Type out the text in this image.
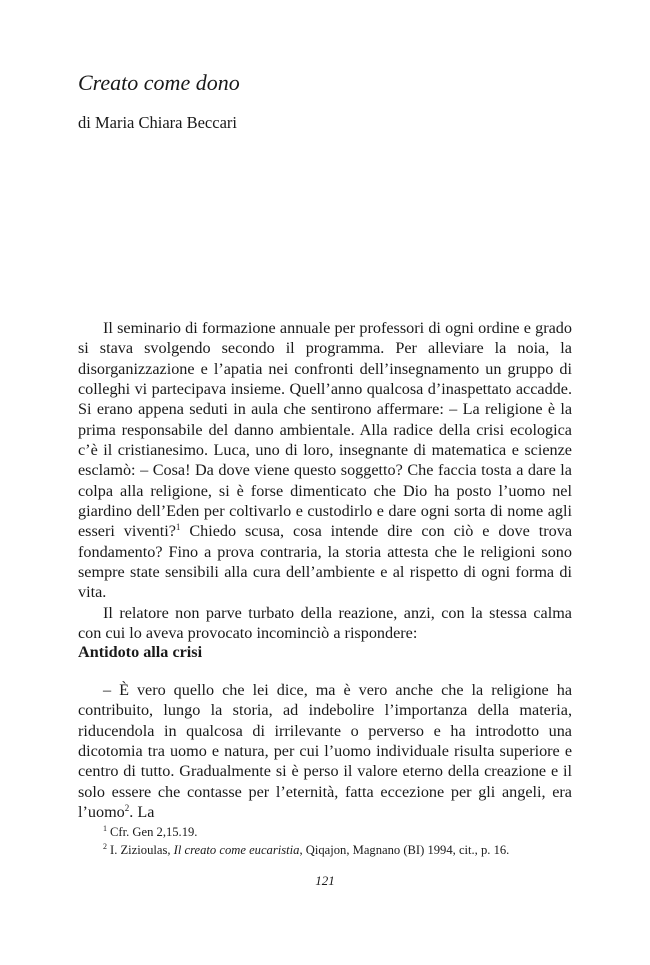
Creato come dono
di Maria Chiara Beccari

Il seminario di formazione annuale per professori di ogni ordine e grado si stava svolgendo secondo il programma. Per alleviare la noia, la disorganizzazione e l’apatia nei confronti dell’insegnamento un gruppo di colleghi vi partecipava insieme. Quell’anno qualcosa d’inaspettato accadde. Si erano appena seduti in aula che sentirono affermare: – La religione è la prima responsabile del danno ambientale. Alla radice della crisi ecologica c’è il cristianesimo. Luca, uno di loro, insegnante di matematica e scienze esclamò: – Cosa! Da dove viene questo soggetto? Che faccia tosta a dare la colpa alla religione, si è forse dimenticato che Dio ha posto l’uomo nel giardino dell’Eden per coltivarlo e custodirlo e dare ogni sorta di nome agli esseri viventi?$^1$ Chiedo scusa, cosa intende dire con ciò e dove trova fondamento? Fino a prova contraria, la storia attesta che le religioni sono sempre state sensibili alla cura dell’ambiente e al rispetto di ogni forma di vita.

Il relatore non parve turbato della reazione, anzi, con la stessa calma con cui lo aveva provocato incominciò a rispondere:

Antidoto alla crisi

– È vero quello che lei dice, ma è vero anche che la religione ha contribuito, lungo la storia, ad indebolire l’importanza della materia, riducendola in qualcosa di irrilevante o perverso e ha introdotto una dicotomia tra uomo e natura, per cui l’uomo individuale risulta superiore e centro di tutto. Gradualmente si è perso il valore eterno della creazione e il solo essere che contasse per l’eternità, fatta eccezione per gli angeli, era l’uomo$^2$. La

$^1$ Cfr. Gen 2,15.19.
$^2$ I. Zizioulas, Il creato come eucaristia, Qiqajon, Magnano (BI) 1994, cit., p. 16.
121
